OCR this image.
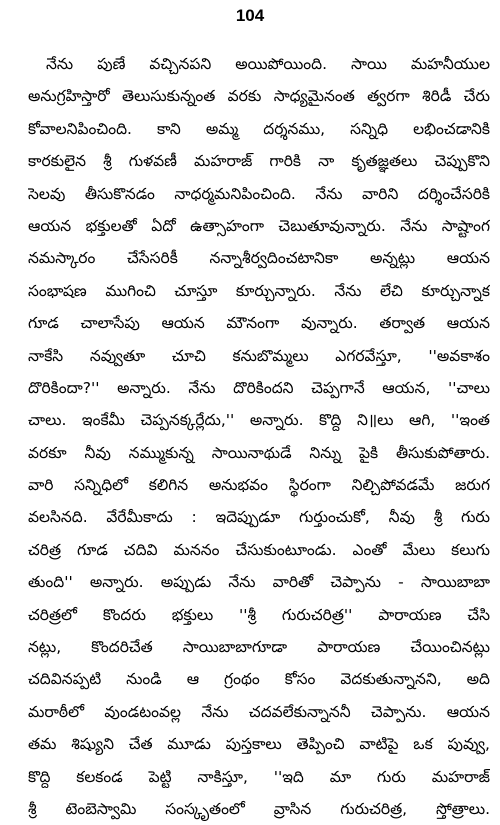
104
నేను పుణే వచ్చినపని అయిపోయింది. సాయి మహనీయుల
అనుగ్రహిస్తారో తెలుసుకున్నంత వరకు సాధ్యమైనంత త్వరగా శిరిడీ చేరు
కోవాలనిపించింది. కాని అమ్మ దర్శనము, సన్నిధి లభించడానికి
కారకులైన శ్రీ గుళవణీ మహరాజ్ గారికి నా కృతజ్ఞతలు చెప్పుకొని
సెలవు తీసుకొనడం నాధర్మమనిపించింది. నేను వారిని దర్శించేసరికి
ఆయన భక్తులతో ఏదో ఉత్సాహంగా చెబుతూవున్నారు. నేను సాష్టాంగ
నమస్కారం చేసేసరికీ నన్నాశీర్వదించటానికా అన్నట్లు ఆయన
సంభాషణ ముగించి చూస్తూ కూర్చున్నారు. నేను లేచి కూర్చున్నాక
గూడ చాలాసేపు ఆయన మౌనంగా వున్నారు. తర్వాత ఆయన
నాకేసి నవ్వుతూ చూచి కనుబొమ్మలు ఎగరవేస్తూ, ''అవకాశం
దొరికిందా?'' అన్నారు. నేను దొరికిందని చెప్పగానే ఆయన, ''చాలు
చాలు. ఇంకేమీ చెప్పనక్కర్లేదు,'' అన్నారు. కొద్ది ని॥లు ఆగి, ''ఇంత
వరకూ నీవు నమ్ముకున్న సాయినాథుడే నిన్ను పైకి తీసుకుపోతారు.
వారి సన్నిధిలో కలిగిన అనుభవం స్థిరంగా నిల్చిపోవడమే జరుగ
వలసినది. వేరేమీకాదు : ఇదెప్పుడూ గుర్తుంచుకో, నీవు శ్రీ గురు
చరిత్ర గూడ చదివి మననం చేసుకుంటూండు. ఎంతో మేలు కలుగు
తుంది'' అన్నారు. అప్పుడు నేను వారితో చెప్పాను - సాయిబాబా
చరిత్రలో కొందరు భక్తులు ''శ్రీ గురుచరిత్ర'' పారాయణ చేసి
నట్లు, కొందరిచేత సాయిబాబాగూడా పారాయణ చేయించినట్లు
చదివినప్పటి నుండి ఆ గ్రంథం కోసం వెదకుతున్నానని, అది
మరాఠీలో వుండటంవల్ల నేను చదవలేకున్నాననీ చెప్పాను. ఆయన
తమ శిష్యుని చేత మూడు పుస్తకాలు తెప్పించి వాటిపై ఒక పువ్వు,
కొద్ది కలకండ పెట్టి నాకిస్తూ, ''ఇది మా గురు మహరాజ్
శ్రీ టెంబెస్వామి సంస్కృతంలో వ్రాసిన గురుచరిత్ర, స్తోత్రాలు.
